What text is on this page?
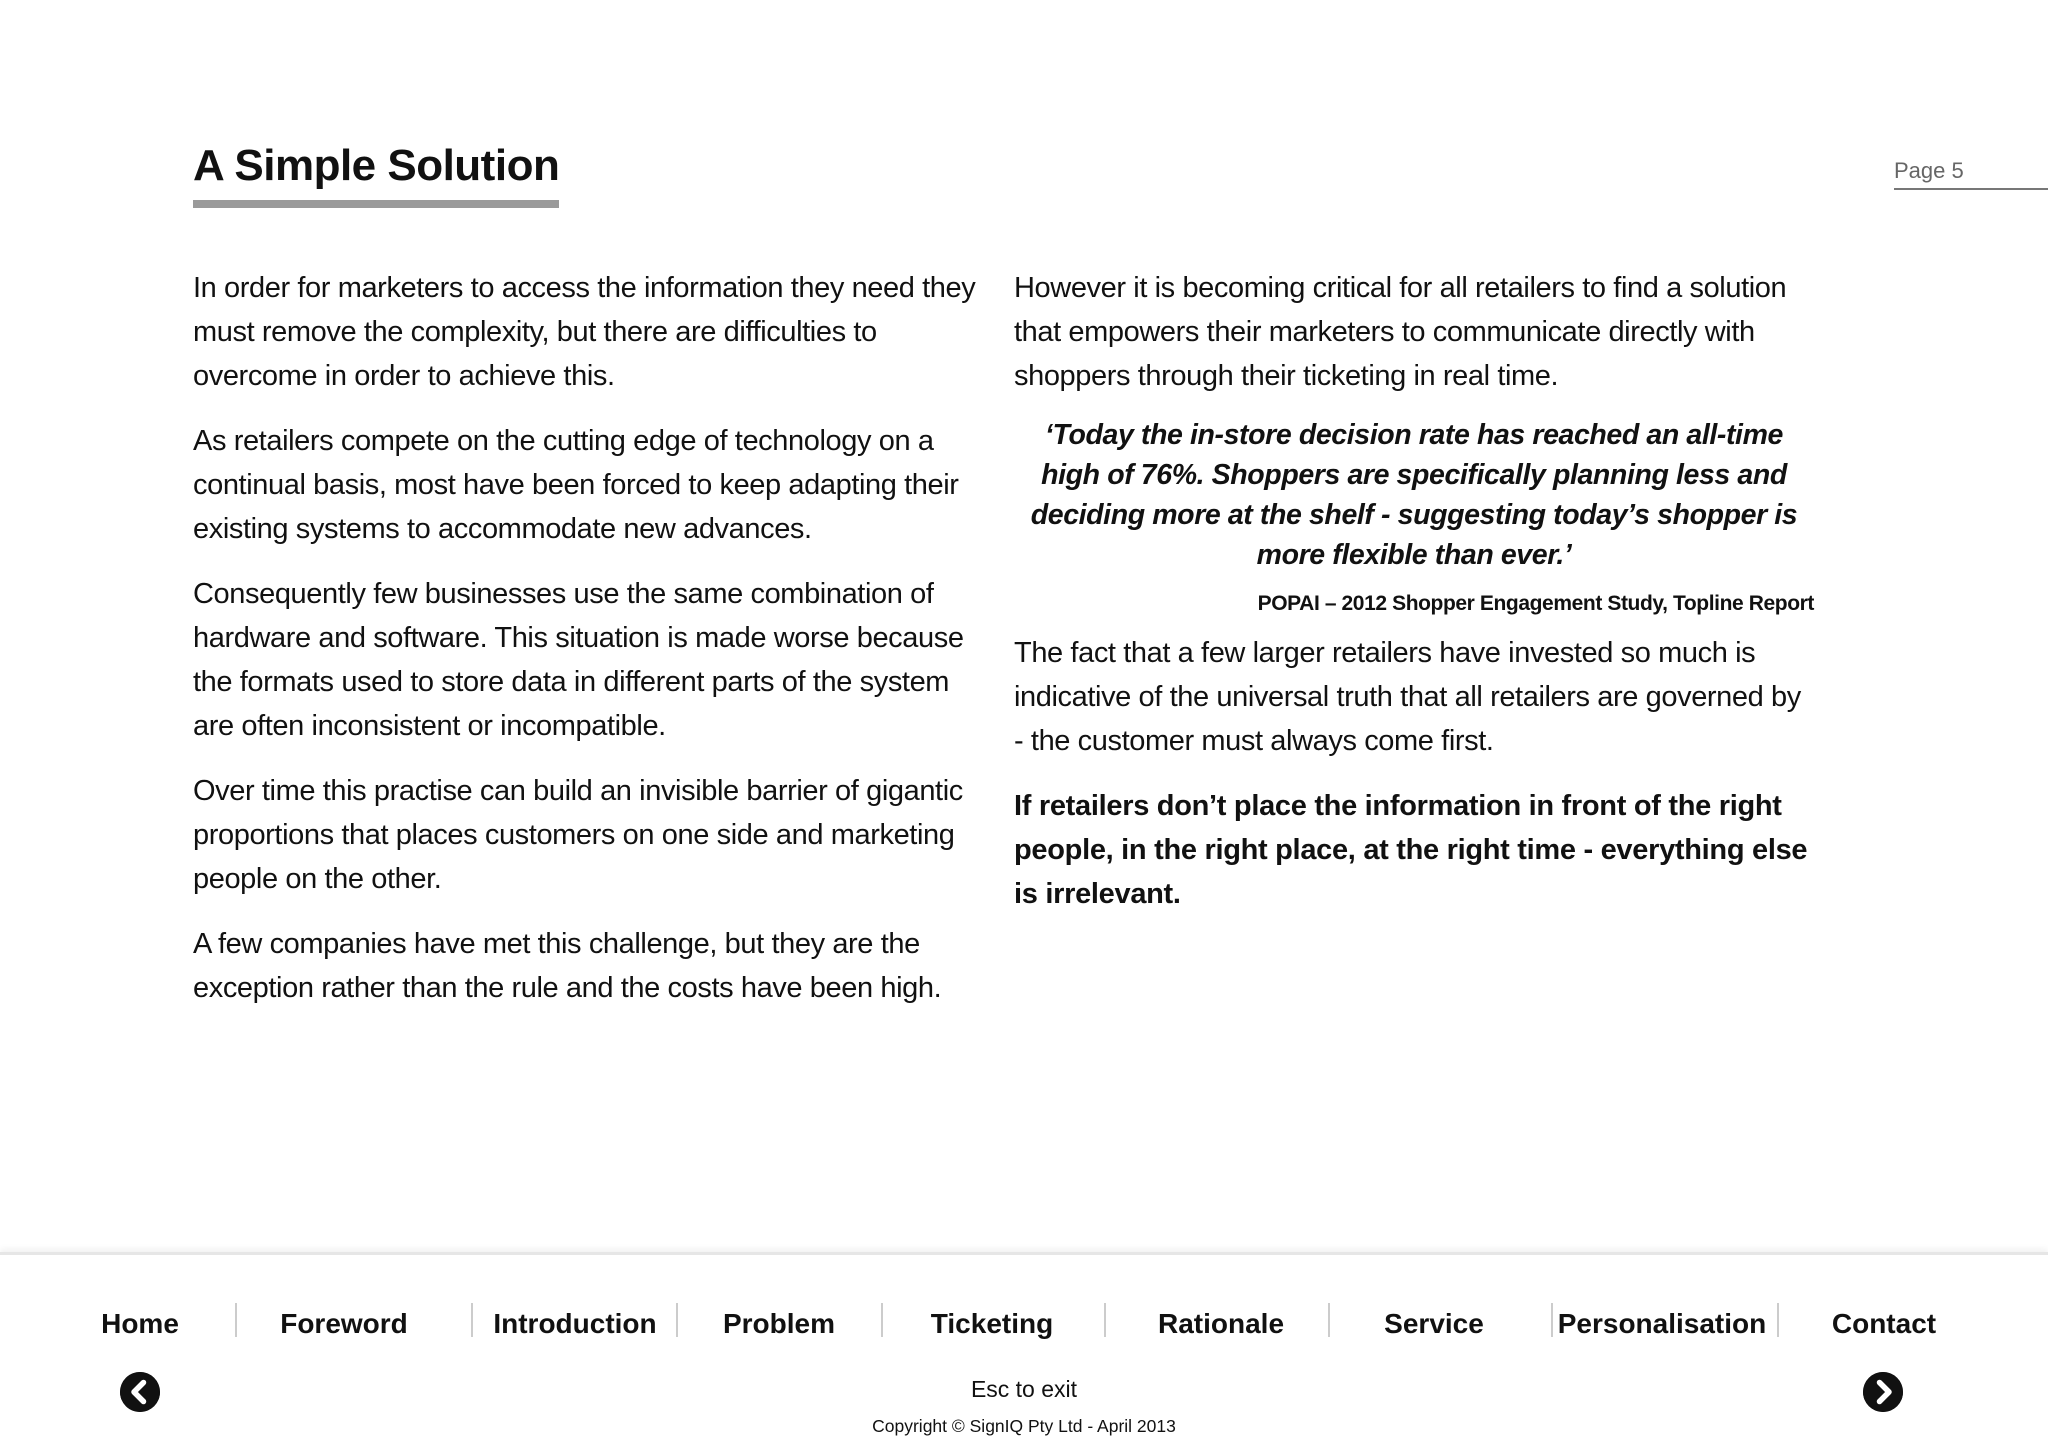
A Simple Solution	Page 5

In order for marketers to access the information they need they must remove the complexity, but there are difficulties to overcome in order to achieve this.

As retailers compete on the cutting edge of technology on a continual basis, most have been forced to keep adapting their existing systems to accommodate new advances.

Consequently few businesses use the same combination of hardware and software. This situation is made worse because the formats used to store data in different parts of the system are often inconsistent or incompatible.

Over time this practise can build an invisible barrier of gigantic proportions that places customers on one side and marketing people on the other.

A few companies have met this challenge, but they are the exception rather than the rule and the costs have been high.

However it is becoming critical for all retailers to find a solution that empowers their marketers to communicate directly with shoppers through their ticketing in real time.

‘Today the in-store decision rate has reached an all-time high of 76%. Shoppers are specifically planning less and deciding more at the shelf - suggesting today’s shopper is more flexible than ever.’

POPAI – 2012 Shopper Engagement Study, Topline Report

The fact that a few larger retailers have invested so much is indicative of the universal truth that all retailers are governed by - the customer must always come first.

If retailers don’t place the information in front of the right people, in the right place, at the right time - everything else is irrelevant.

Home	Foreword	Introduction	Problem	Ticketing	Rationale	Service	Personalisation	Contact
Esc to exit
Copyright © SignIQ Pty Ltd - April 2013
